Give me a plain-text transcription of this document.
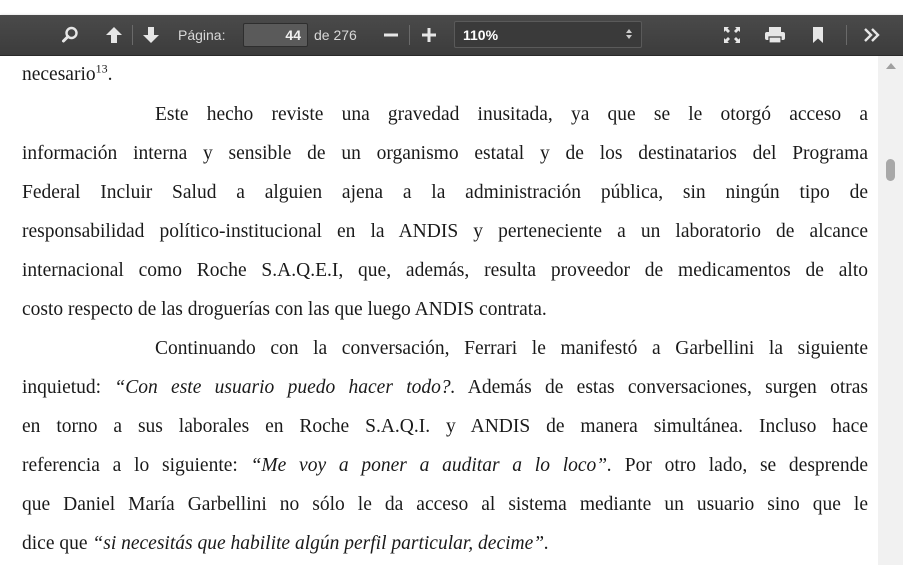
Página:
44	de 276	110%
necesario$^{13}$.
Este hecho reviste una gravedad inusitada, ya que se le otorgó acceso a
información interna y sensible de un organismo estatal y de los destinatarios del Programa
Federal Incluir Salud a alguien ajena a la administración pública, sin ningún tipo de
responsabilidad político-institucional en la ANDIS y perteneciente a un laboratorio de alcance
internacional como Roche S.A.Q.E.I, que, además, resulta proveedor de medicamentos de alto
costo respecto de las droguerías con las que luego ANDIS contrata.
Continuando con la conversación, Ferrari le manifestó a Garbellini la siguiente
inquietud: “Con este usuario puedo hacer todo?. Además de estas conversaciones, surgen otras
en torno a sus laborales en Roche S.A.Q.I. y ANDIS de manera simultánea. Incluso hace
referencia a lo siguiente: “Me voy a poner a auditar a lo loco”. Por otro lado, se desprende
que Daniel María Garbellini no sólo le da acceso al sistema mediante un usuario sino que le
dice que “si necesitás que habilite algún perfil particular, decime”.
